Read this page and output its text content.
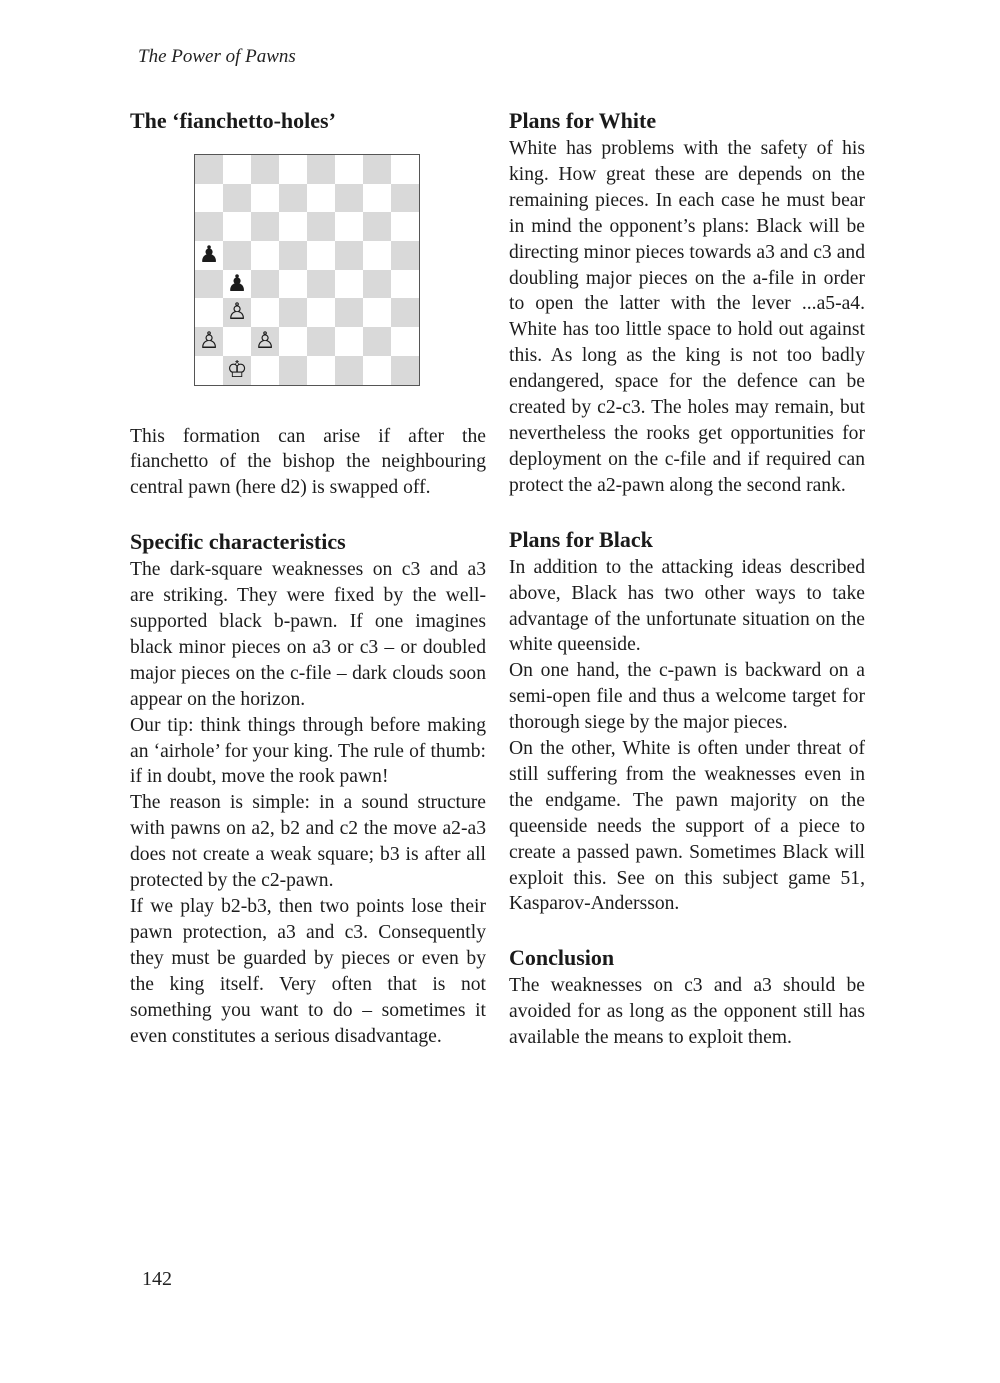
The Power of Pawns
The ‘fianchetto-holes’
♟
♟
♙
♙ ♙
♔

This formation can arise if after the fianchetto of the bishop the neighbouring central pawn (here d2) is swapped off.

Specific characteristics

The dark-square weaknesses on c3 and a3 are striking. They were fixed by the well-supported black b-pawn. If one imagines black minor pieces on a3 or c3 – or doubled major pieces on the c-file – dark clouds soon appear on the horizon.

Our tip: think things through before making an ‘airhole’ for your king. The rule of thumb: if in doubt, move the rook pawn!

The reason is simple: in a sound structure with pawns on a2, b2 and c2 the move a2-a3 does not create a weak square; b3 is after all protected by the c2-pawn.

If we play b2-b3, then two points lose their pawn protection, a3 and c3. Consequently they must be guarded by pieces or even by the king itself. Very often that is not something you want to do – sometimes it even constitutes a serious disadvantage.

Plans for White

White has problems with the safety of his king. How great these are depends on the remaining pieces. In each case he must bear in mind the opponent’s plans: Black will be directing minor pieces towards a3 and c3 and doubling major pieces on the a-file in order to open the latter with the lever ...a5-a4. White has too little space to hold out against this. As long as the king is not too badly endangered, space for the defence can be created by c2-c3. The holes may remain, but nevertheless the rooks get opportunities for deployment on the c-file and if required can protect the a2-pawn along the second rank.

Plans for Black

In addition to the attacking ideas described above, Black has two other ways to take advantage of the unfortunate situation on the white queenside.

On one hand, the c-pawn is backward on a semi-open file and thus a welcome target for thorough siege by the major pieces.

On the other, White is often under threat of still suffering from the weaknesses even in the endgame. The pawn majority on the queenside needs the support of a piece to create a passed pawn. Sometimes Black will exploit this. See on this subject game 51, Kasparov-Andersson.

Conclusion

The weaknesses on c3 and a3 should be avoided for as long as the opponent still has available the means to exploit them.

142
